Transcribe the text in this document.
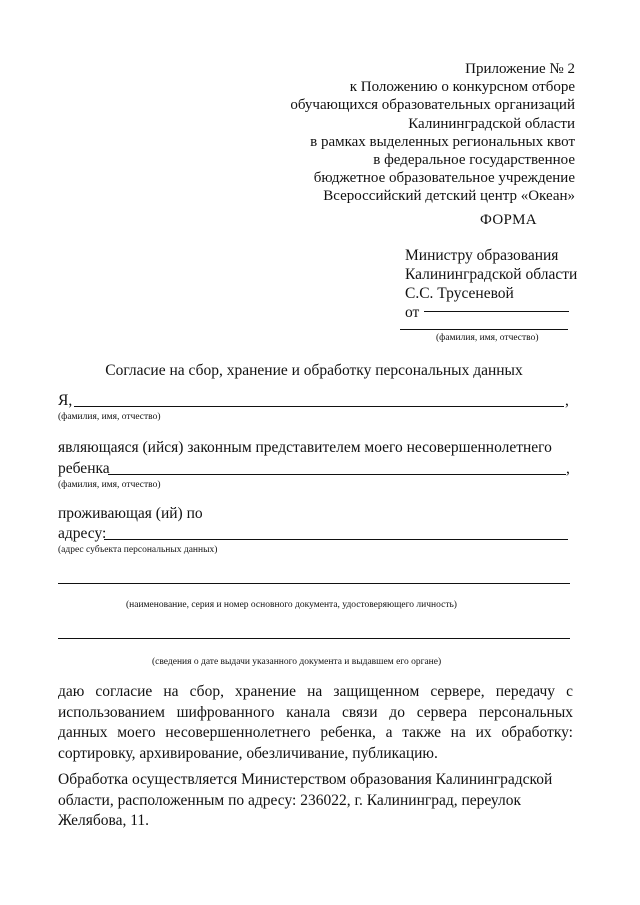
Приложение № 2
к Положению о конкурсном отборе
обучающихся образовательных организаций
Калининградской области
в рамках выделенных региональных квот
в федеральное государственное
бюджетное образовательное учреждение
Всероссийский детский центр «Океан»
ФОРМА
Министру образования
Калининградской области
С.С. Трусеневой
от
(фамилия, имя, отчество)
Согласие на сбор, хранение и обработку персональных данных
Я,	,
(фамилия, имя, отчество)
являющаяся (ийся) законным представителем моего несовершеннолетнего
ребенка	,
(фамилия, имя, отчество)
проживающая (ий) по
адресу:
(адрес субъекта персональных данных)
(наименование, серия и номер основного документа, удостоверяющего личность)
(сведения о дате выдачи указанного документа и выдавшем его органе)
даю согласие на сбор, хранение на защищенном сервере, передачу с использованием шифрованного канала связи до сервера персональных данных моего несовершеннолетнего ребенка, а также на их обработку: сортировку, архивирование, обезличивание, публикацию.
Обработка осуществляется Министерством образования Калининградской области, расположенным по адресу: 236022, г. Калининград, переулок Желябова, 11.
